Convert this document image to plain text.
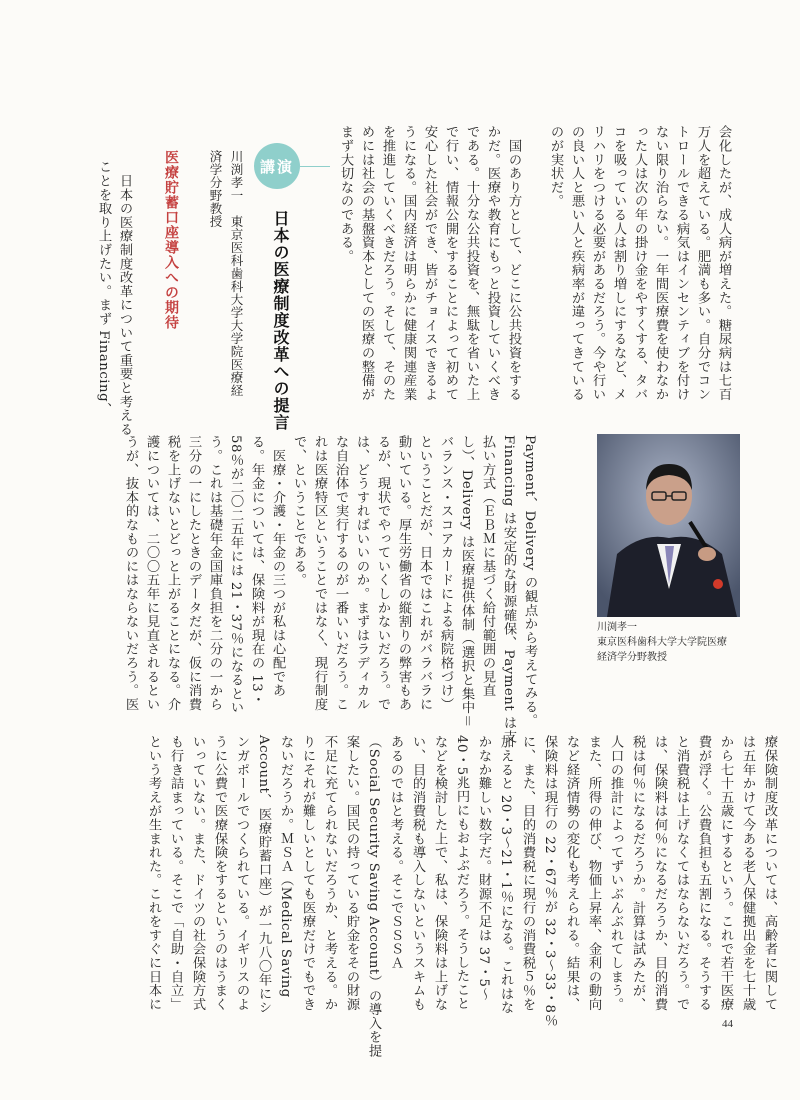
会化したが、成人病が増えた。糖尿病は七百
万人を超えている。肥満も多い。自分でコン
トロールできる病気はインセンティブを付け
ない限り治らない。一年間医療費を使わなか
った人は次の年の掛け金をやすくする、タバ
コを吸っている人は割り増しにするなど、メ
リハリをつける必要があるだろう。今や行い
の良い人と悪い人と疾病率が違ってきている
のが実状だ。
　国のあり方として、どこに公共投資をする
かだ。医療や教育にもっと投資していくべき
である。十分な公共投資を、無駄を省いた上
で行い、情報公開をすることによって初めて
安心した社会ができ、皆がチョイスできるよ
うになる。国内経済は明らかに健康関連産業
を推進していくべきだろう。そして、そのた
めには社会の基盤資本としての医療の整備が
まず大切なのである。
講演
日本の医療制度改革への提言
川渕孝一　東京医科歯科大学大学院医療経
済学分野教授
医療貯蓄口座導入への期待
　日本の医療制度改革について重要と考える
ことを取り上げたい。まず Financing、
川渕孝一
東京医科歯科大学大学院医療
経済学分野教授
Payment、Delivery の観点から考えてみる。
Financing は安定的な財源確保、Payment は支
払い方式（ＥＢＭに基づく給付範囲の見直
し）、Delivery は医療提供体制（選択と集中＝
バランス・スコアカードによる病院格づけ）
ということだが、日本ではこれがバラバラに
動いている。厚生労働省の縦割りの弊害もあ
るが、現状でやっていくしかないだろう。で
は、どうすればいいのか。まずはラディカル
な自治体で実行するのが一番いいだろう。こ
れは医療特区ということではなく、現行制度
で、ということである。
　医療・介護・年金の三つが私は心配であ
る。年金については、保険料が現在の 13・
58％が二〇二五年には 21・37％になるとい
う。これは基礎年金国庫負担を二分の一から
三分の一にしたときのデータだが、仮に消費
税を上げないとどっと上がることになる。介
護については、二〇〇五年に見直されるとい
うが、抜本的なものにはならないだろう。医
療保険制度改革については、高齢者に関して
は五年かけて今ある老人保健拠出金を七十歳
から七十五歳にするという。これで若干医療
費が浮く。公費負担も五割になる。そうする
と消費税は上げなくてはならないだろう。で
は、保険料は何％になるだろうか、目的消費
税は何％になるだろうか。計算は試みたが、
人口の推計によってずいぶんぶれてしまう。
また、所得の伸び、物価上昇率、金利の動向
など経済情勢の変化も考えられる。結果は、
保険料は現行の 22・67％が 32・3～33・8％
に、また、目的消費税に現行の消費税５％を
加えると 20・3～21・1％になる。これはな
かなか難しい数字だ。財源不足は 37・5～
40・5兆円にもおよぶだろう。そうしたこと
などを検討した上で、私は、保険料は上げな
い、目的消費税も導入しないというスキムも
あるのではと考える。そこでＳＳＳＡ
（Social Security Saving Account）の導入を提
案したい。国民の持っている貯金をその財源
不足に充てられないだろうか、と考える。か
りにそれが難しいとしても医療だけでもでき
ないだろうか。ＭＳＡ（Medical Saving
Account、医療貯蓄口座）が一九八〇年にシ
ンガポールでつくられている。イギリスのよ
うに公費で医療保険をするというのはうまく
いっていない。また、ドイツの社会保険方式
も行き詰まっている。そこで「自助・自立」
という考えが生まれた。これをすぐに日本に
44
